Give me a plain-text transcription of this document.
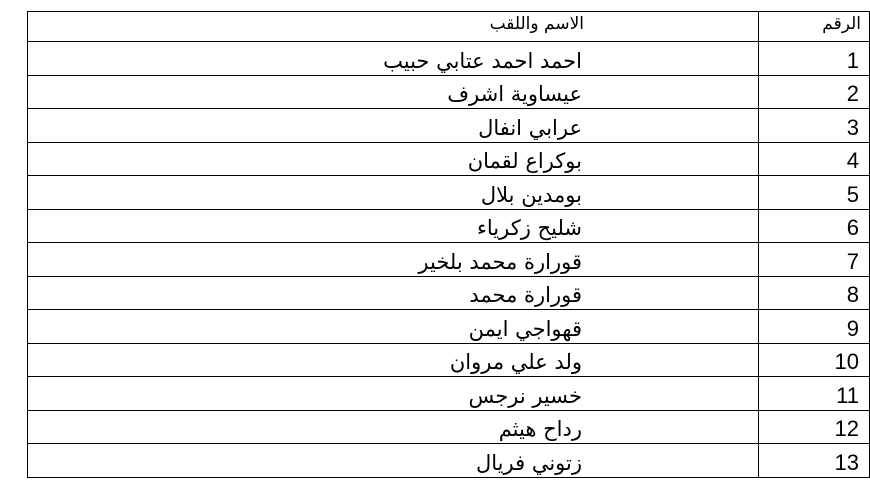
الاسم واللقب	الرقم
احمد احمد عتابي حبيب	1
عيساوية اشرف	2
عرابي انفال	3
بوكراع لقمان	4
بومدين بلال	5
شليح زكرياء	6
قورارة محمد بلخير	7
قورارة محمد	8
قهواجي ايمن	9
ولد علي مروان	10
خسير نرجس	11
رداح هيثم	12
زتوني فريال	13
